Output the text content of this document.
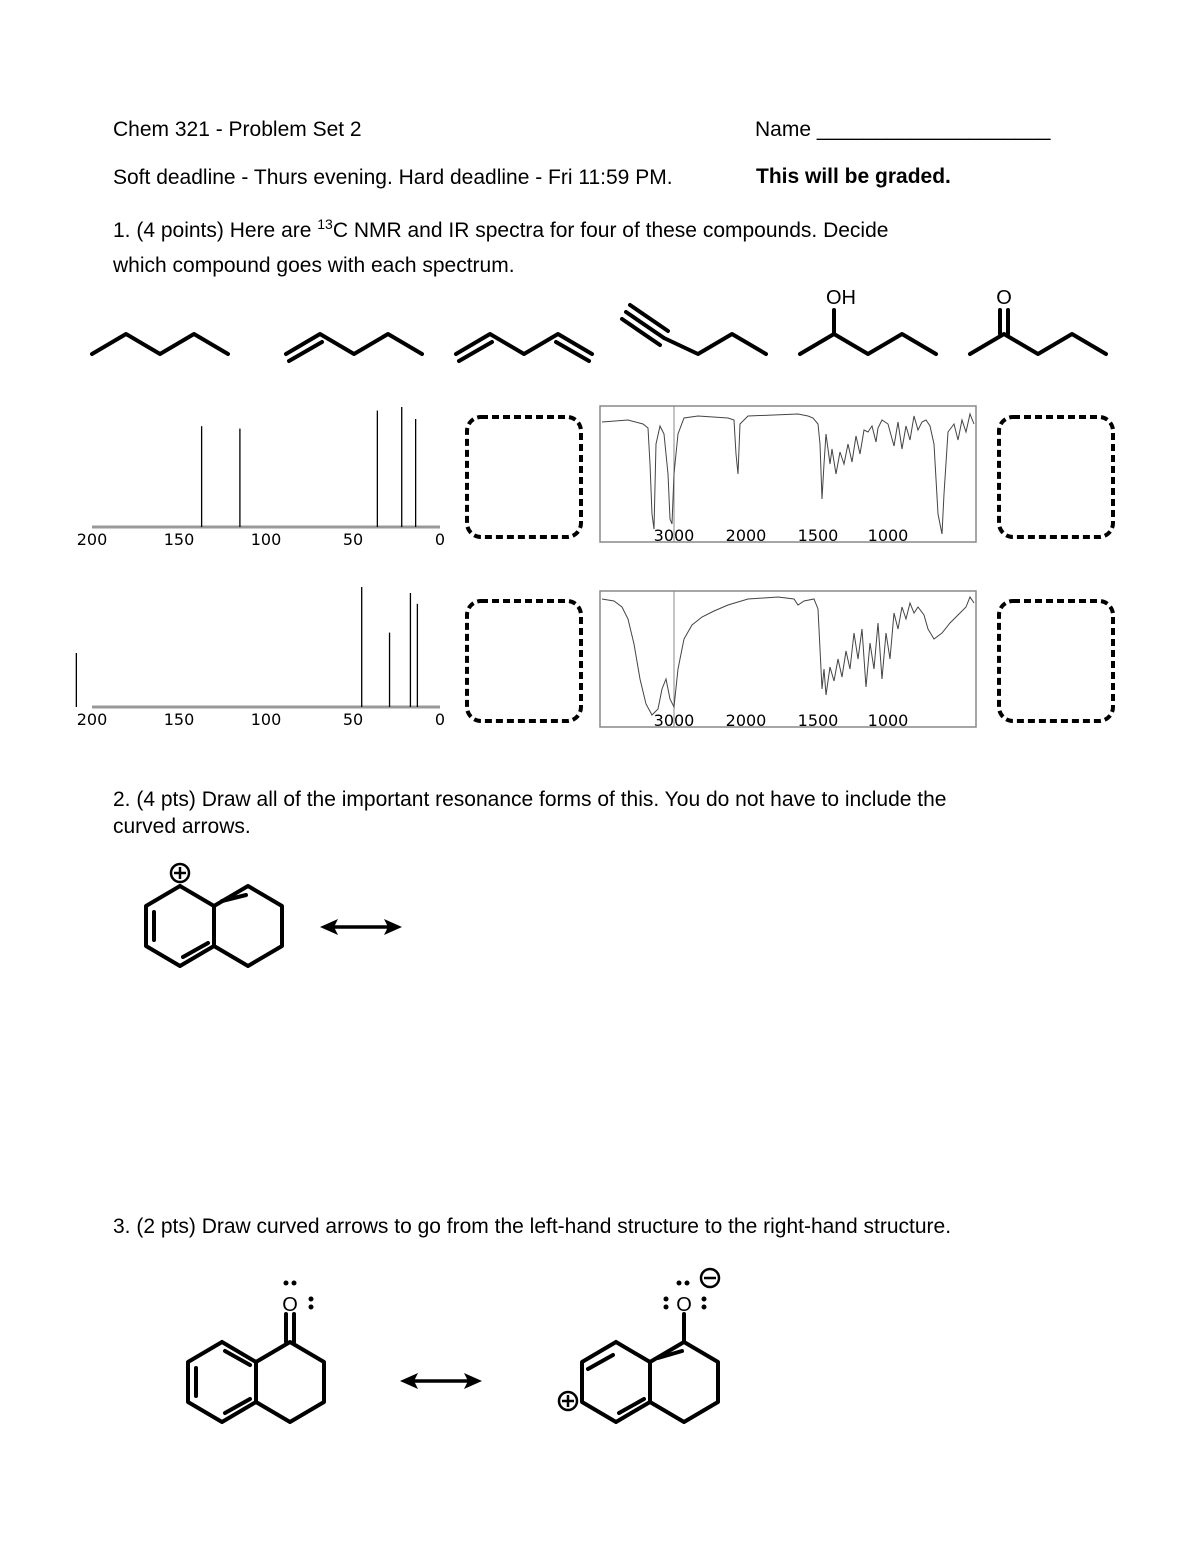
Chem 321 - Problem Set 2	Name ____________________
Soft deadline - Thurs evening. Hard deadline - Fri 11:59 PM.	This will be graded.
1. (4 points) Here are $^{13}$C NMR and IR spectra for four of these compounds. Decide
which compound goes with each spectrum.
OH	O
200	150	100	50	0
200	150	100	50	0
3000 2000 1500 1000
3000 2000 1500 1000
2. (4 pts) Draw all of the important resonance forms of this. You do not have to include the
curved arrows.
3. (2 pts) Draw curved arrows to go from the left-hand structure to the right-hand structure.
O	O
